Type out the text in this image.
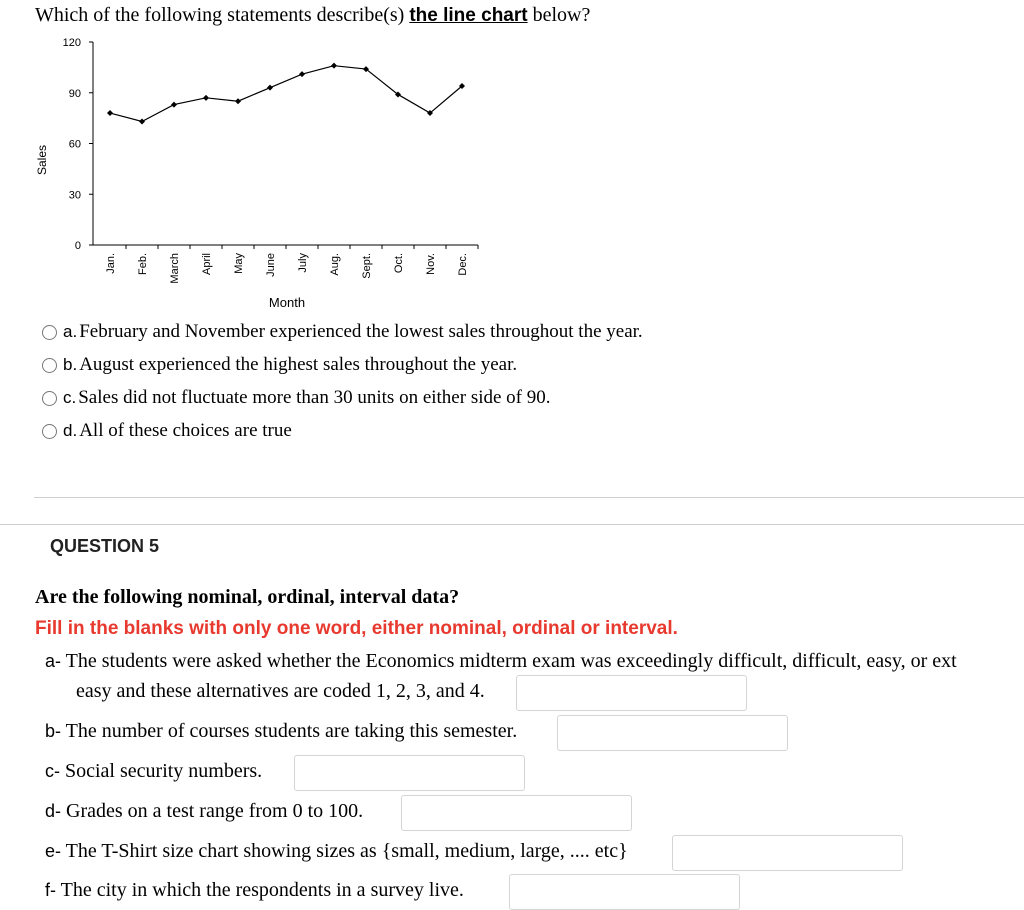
Which of the following statements describe(s) the line chart below?
0
30
60
90
120
Jan. Feb. March April May June July Aug. Sept. Oct. Nov. Dec.
Sales
Month
a. February and November experienced the lowest sales throughout the year.
b. August experienced the highest sales throughout the year.
c. Sales did not fluctuate more than 30 units on either side of 90.
d. All of these choices are true
QUESTION 5
Are the following nominal, ordinal, interval data?
Fill in the blanks with only one word, either nominal, ordinal or interval.
a- The students were asked whether the Economics midterm exam was exceedingly difficult, difficult, easy, or ext
easy and these alternatives are coded 1, 2, 3, and 4.
b- The number of courses students are taking this semester.
c- Social security numbers.
d- Grades on a test range from 0 to 100.
e- The T-Shirt size chart showing sizes as {small, medium, large, .... etc}
f- The city in which the respondents in a survey live.
